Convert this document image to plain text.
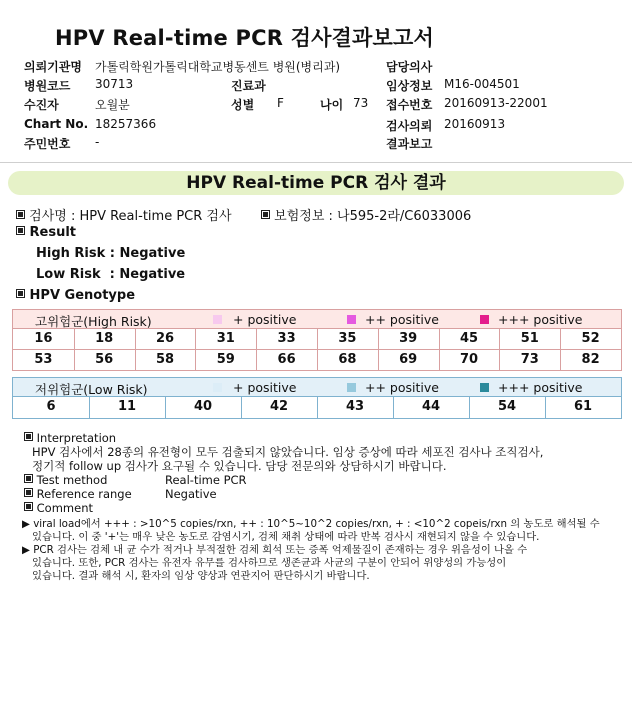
HPV Real-time PCR 검사결과보고서
의뢰기관명 가톨릭학원가톨릭대학교병동센트 병원(병리과)	담당의사
병원코드 30713	진료과	임상정보 M16-004501
수진자	오월분	성별 F	나이 73 접수번호 20160913-22001
Chart No. 18257366	검사의뢰 20160913
주민번호 -	결과보고
HPV Real-time PCR 검사 결과
검사명 : HPV Real-time PCR 검사	보험정보 : 나595-2라/C6033006
Result
High Risk : Negative
Low Risk  : Negative
HPV Genotype
고위험군(High Risk)	+ positive	++ positive	+++ positive
16	18	26	31	33	35	39	45	51	52
53	56	58	59	66	68	69	70	73	82
저위험군(Low Risk)	+ positive	++ positive	+++ positive
6	11	40	42	43	44	54	61
Interpretation
HPV 검사에서 28종의 유전형이 모두 검출되지 않았습니다. 임상 증상에 따라 세포진 검사나 조직검사,
정기적 follow up 검사가 요구될 수 있습니다. 담당 전문의와 상담하시기 바랍니다.
Test method	Real-time PCR
Reference range	Negative
Comment
▶ viral load에서 +++ : >10^5 copies/rxn, ++ : 10^5~10^2 copies/rxn, + : <10^2 copeis/rxn 의 농도로 해석될 수
있습니다. 이 중 '+'는 매우 낮은 농도로 감염시기, 검체 채취 상태에 따라 반복 검사시 재현되지 않을 수 있습니다.
▶ PCR 검사는 검체 내 균 수가 적거나 부적절한 검체 희석 또는 증폭 억제물질이 존재하는 경우 위음성이 나올 수
있습니다. 또한, PCR 검사는 유전자 유무를 검사하므로 생존균과 사균의 구분이 안되어 위양성의 가능성이
있습니다. 결과 해석 시, 환자의 임상 양상과 연관지어 판단하시기 바랍니다.
